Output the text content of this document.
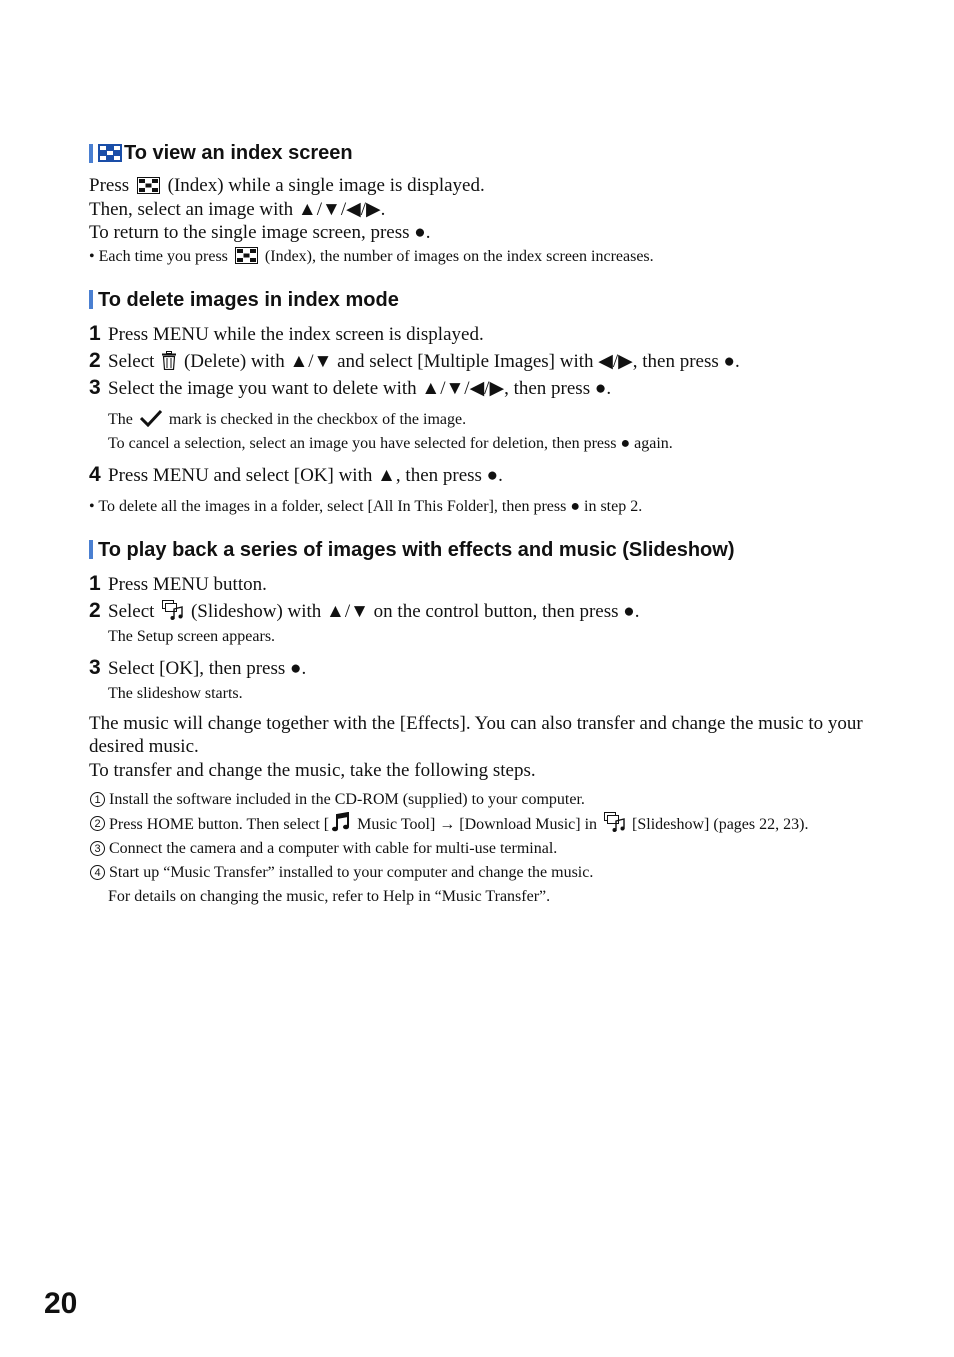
To view an index screen
Press (Index) while a single image is displayed.
Then, select an image with ▲/▼/◀/▶.
To return to the single image screen, press ●.
• Each time you press (Index), the number of images on the index screen increases.
To delete images in index mode
1 Press MENU while the index screen is displayed.
2 Select (Delete) with ▲/▼ and select [Multiple Images] with ◀/▶, then press ●.
3 Select the image you want to delete with ▲/▼/◀/▶, then press ●.
The mark is checked in the checkbox of the image.
To cancel a selection, select an image you have selected for deletion, then press ● again.
4 Press MENU and select [OK] with ▲, then press ●.
• To delete all the images in a folder, select [All In This Folder], then press ● in step 2.
To play back a series of images with effects and music (Slideshow)
1 Press MENU button.
2 Select (Slideshow) with ▲/▼ on the control button, then press ●.
The Setup screen appears.
3 Select [OK], then press ●.
The slideshow starts.
The music will change together with the [Effects]. You can also transfer and change the music to your desired music.
To transfer and change the music, take the following steps.
1 Install the software included in the CD-ROM (supplied) to your computer.
2 Press HOME button. Then select [ Music Tool] → [Download Music] in [Slideshow] (pages 22, 23).
3 Connect the camera and a computer with cable for multi-use terminal.
4 Start up “Music Transfer” installed to your computer and change the music.
For details on changing the music, refer to Help in “Music Transfer”.
20
